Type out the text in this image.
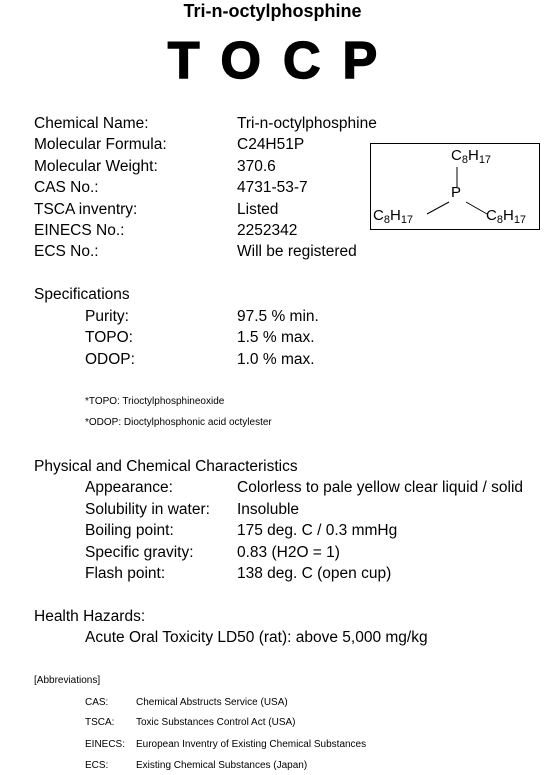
Tri-n-octylphosphine
TOCP
Chemical Name:	Tri-n-octylphosphine
Molecular Formula:	C24H51P
Molecular Weight:	370.6
CAS No.:	4731-53-7
TSCA inventry:	Listed
EINECS No.:	2252342
ECS No.:	Will be registered
P
$C_8H_{17}$
$C_8H_{17}$	$C_8H_{17}$
Specifications
Purity:	97.5 % min.
TOPO:	1.5 % max.
ODOP:	1.0 % max.
*TOPO: Trioctylphosphineoxide
*ODOP: Dioctylphosphonic acid octylester
Physical and Chemical Characteristics
Appearance:	Colorless to pale yellow clear liquid / solid
Solubility in water: Insoluble
Boiling point:	175 deg. C / 0.3 mmHg
Specific gravity:	0.83 (H2O = 1)
Flash point:	138 deg. C (open cup)
Health Hazards:
Acute Oral Toxicity LD50 (rat): above 5,000 mg/kg
[Abbreviations]
CAS:	Chemical Abstructs Service (USA)
TSCA: Toxic Substances Control Act (USA)
EINECS: European Inventry of Existing Chemical Substances
ECS:	Existing Chemical Substances (Japan)
